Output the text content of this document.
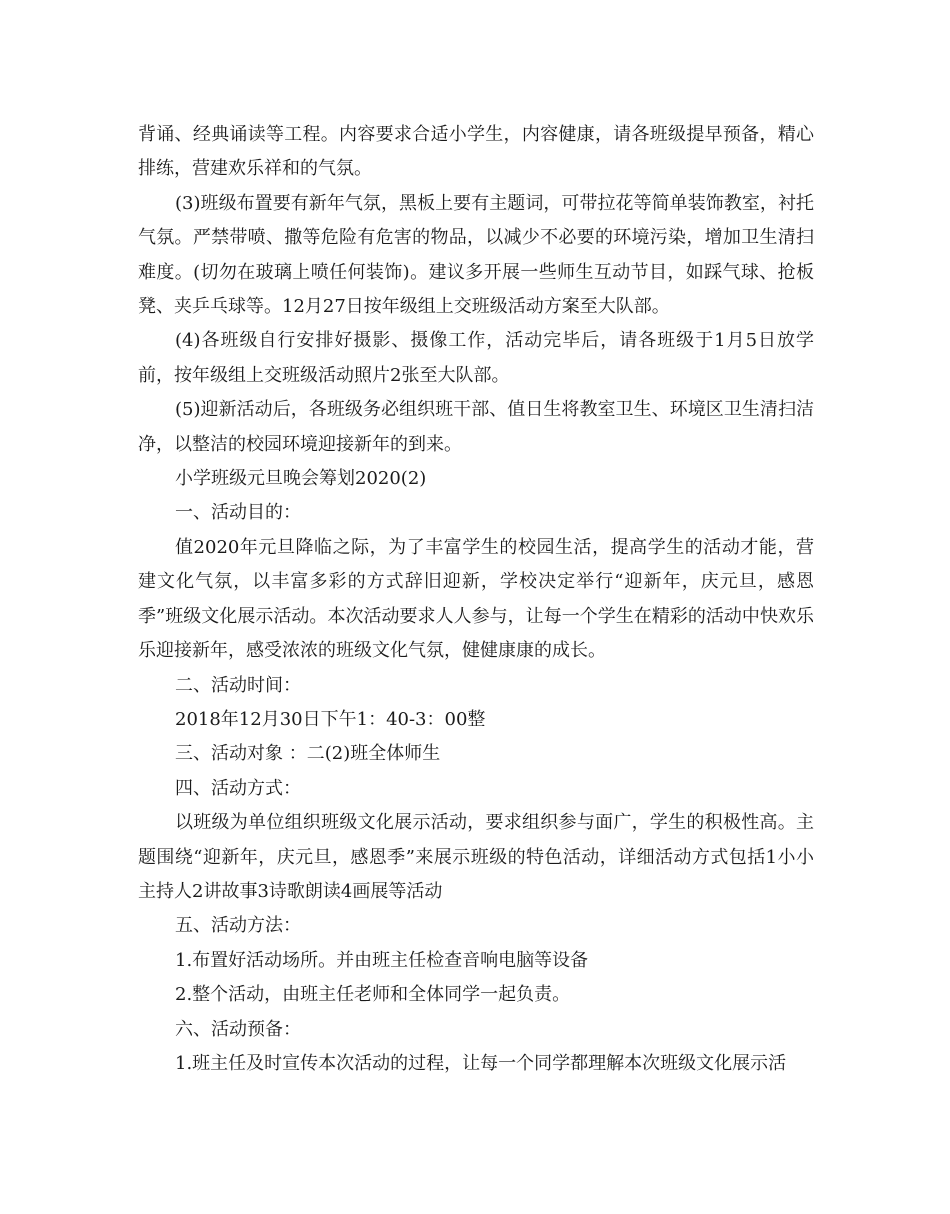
背诵、经典诵读等工程。内容要求合适小学生，内容健康，请各班级提早预备，精心排练，营建欢乐祥和的气氛。

(3)班级布置要有新年气氛，黑板上要有主题词，可带拉花等简单装饰教室，衬托气氛。严禁带喷、撒等危险有危害的物品，以减少不必要的环境污染，增加卫生清扫难度。(切勿在玻璃上喷任何装饰)。建议多开展一些师生互动节目，如踩气球、抢板凳、夹乒乓球等。12月27日按年级组上交班级活动方案至大队部。

(4)各班级自行安排好摄影、摄像工作，活动完毕后，请各班级于1月5日放学前，按年级组上交班级活动照片2张至大队部。

(5)迎新活动后，各班级务必组织班干部、值日生将教室卫生、环境区卫生清扫洁净，以整洁的校园环境迎接新年的到来。

小学班级元旦晚会筹划2020(2)

一、活动目的：

值2020年元旦降临之际，为了丰富学生的校园生活，提高学生的活动才能，营建文化气氛，以丰富多彩的方式辞旧迎新，学校决定举行“迎新年，庆元旦，感恩季”班级文化展示活动。本次活动要求人人参与，让每一个学生在精彩的活动中快欢乐乐迎接新年，感受浓浓的班级文化气氛，健健康康的成长。

二、活动时间：

2018年12月30日下午1：40-3：00整

三、活动对象 ：二(2)班全体师生

四、活动方式：

以班级为单位组织班级文化展示活动，要求组织参与面广，学生的积极性高。主题围绕“迎新年，庆元旦，感恩季”来展示班级的特色活动，详细活动方式包括1小小主持人2讲故事3诗歌朗读4画展等活动

五、活动方法：

1.布置好活动场所。并由班主任检查音响电脑等设备

2.整个活动，由班主任老师和全体同学一起负责。

六、活动预备：

1.班主任及时宣传本次活动的过程，让每一个同学都理解本次班级文化展示活
